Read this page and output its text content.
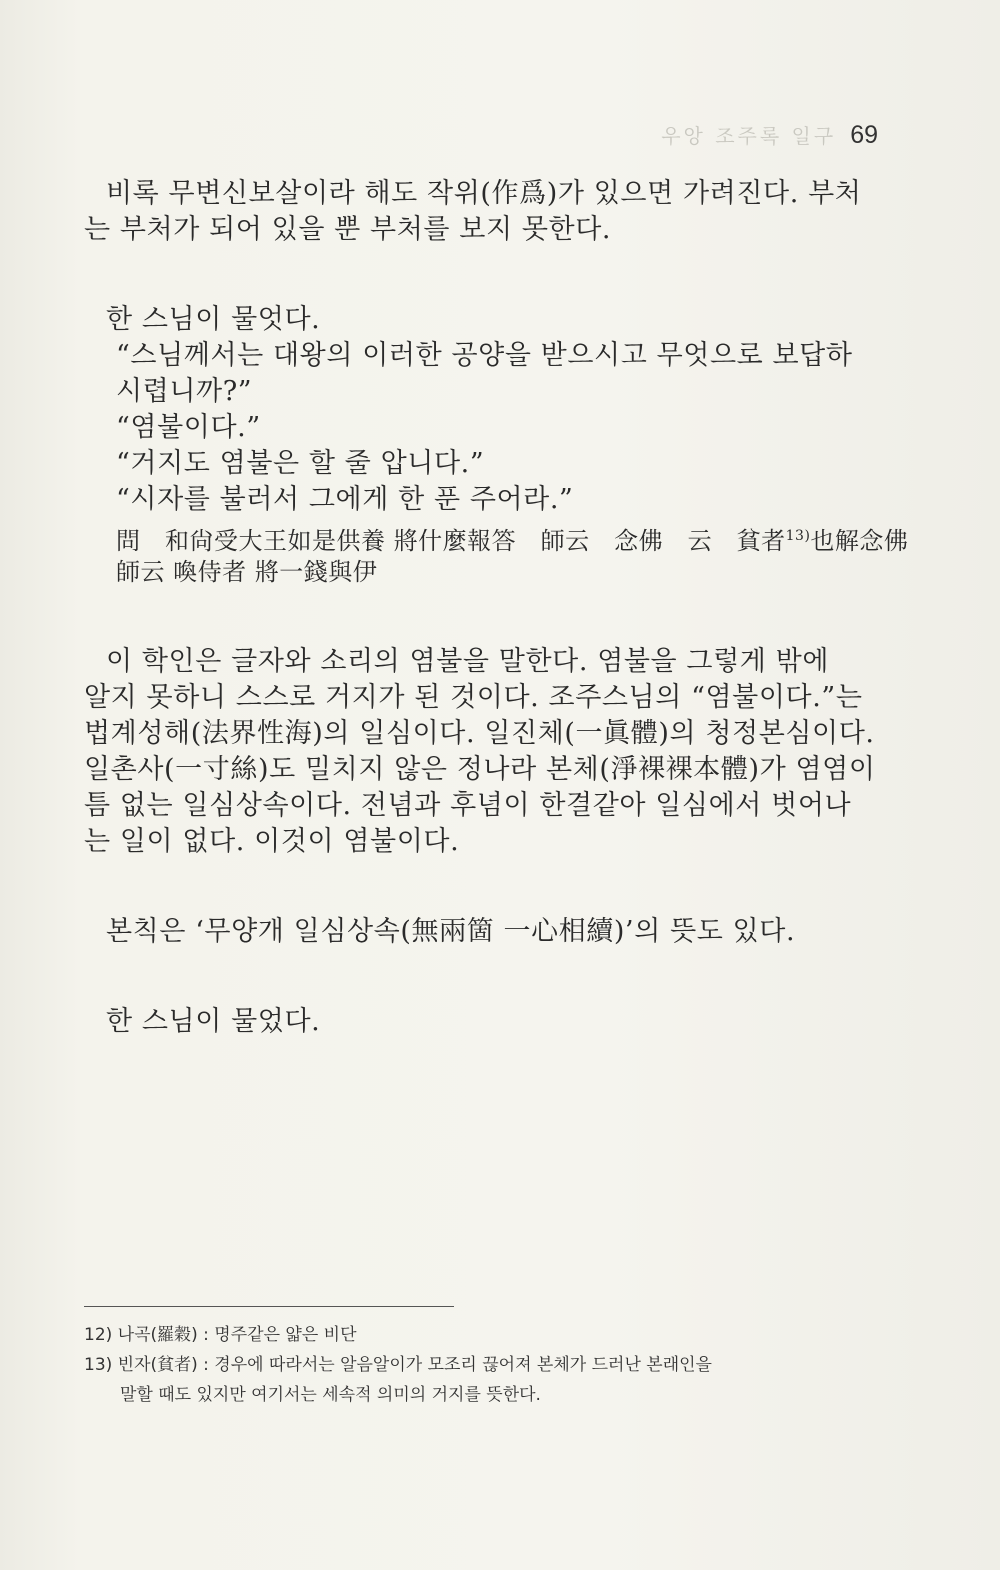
우앙 조주록 일구 69
비록 무변신보살이라 해도 작위(作爲)가 있으면 가려진다. 부처
는 부처가 되어 있을 뿐 부처를 보지 못한다.
한 스님이 물엇다.
“스님께서는 대왕의 이러한 공양을 받으시고 무엇으로 보답하
시렵니까?”
“염불이다.”
“거지도 염불은 할 줄 압니다.”
“시자를 불러서 그에게 한 푼 주어라.”
問　和尙受大王如是供養 將什麼報答　師云　念佛　云　貧者$^{13)}$也解念佛
師云 喚侍者 將一錢與伊
이 학인은 글자와 소리의 염불을 말한다. 염불을 그렇게 밖에
알지 못하니 스스로 거지가 된 것이다. 조주스님의 “염불이다.”는
법계성해(法界性海)의 일심이다. 일진체(一眞體)의 청정본심이다.
일촌사(一寸絲)도 밀치지 않은 정나라 본체(淨裸裸本體)가 염염이
틈 없는 일심상속이다. 전념과 후념이 한결같아 일심에서 벗어나
는 일이 없다. 이것이 염불이다.
본칙은 ‘무양개 일심상속(無兩箇 一心相續)’의 뜻도 있다.
한 스님이 물었다.
12) 나곡(羅穀) : 명주같은 얇은 비단
13) 빈자(貧者) : 경우에 따라서는 알음알이가 모조리 끊어져 본체가 드러난 본래인을
말할 때도 있지만 여기서는 세속적 의미의 거지를 뜻한다.
